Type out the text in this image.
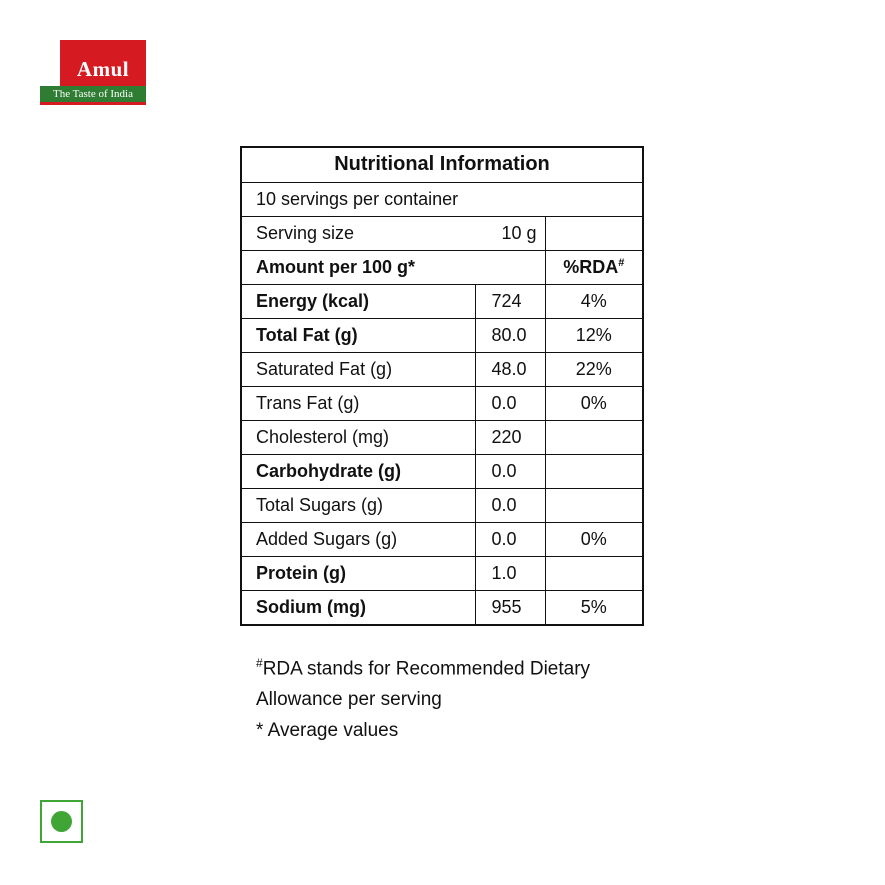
Amul
The Taste of India
Nutritional Information		
10 servings per container		
Serving size	10 g	
Amount per 100 g*		%RDA#
Energy (kcal)	724	4%
Total Fat (g)	80.0	12%
Saturated Fat (g)	48.0	22%
Trans Fat (g)	0.0	0%
Cholesterol (mg)	220	
Carbohydrate (g)	0.0	
Total Sugars (g)	0.0	
Added Sugars (g)	0.0	0%
Protein (g)	1.0	
Sodium (mg)	955	5%
#RDA stands for Recommended Dietary
Allowance per serving
* Average values
